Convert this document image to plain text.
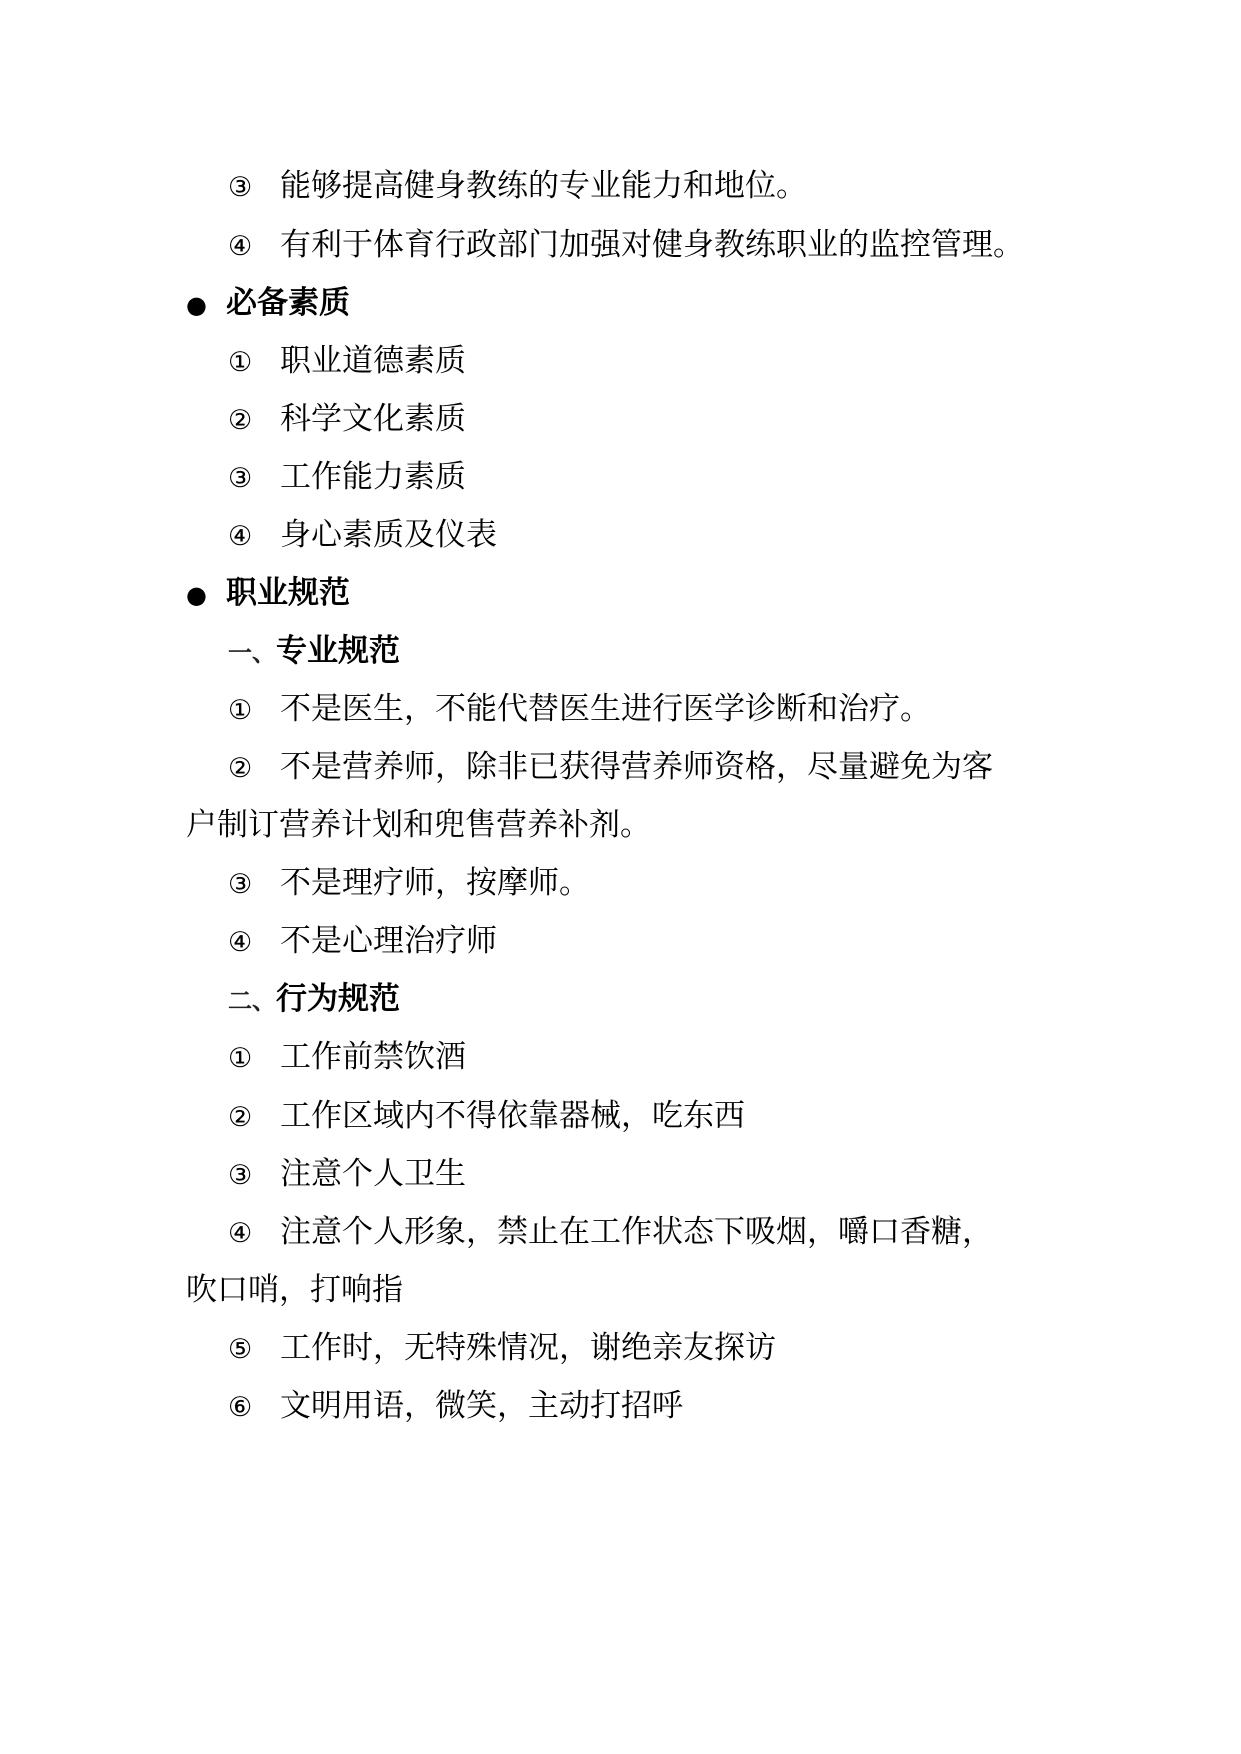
③ 能够提高健身教练的专业能力和地位。
④ 有利于体育行政部门加强对健身教练职业的监控管理。
● 必备素质
① 职业道德素质
② 科学文化素质
③ 工作能力素质
④ 身心素质及仪表
● 职业规范
一、专业规范
① 不是医生，不能代替医生进行医学诊断和治疗。
② 不是营养师，除非已获得营养师资格，尽量避免为客
户制订营养计划和兜售营养补剂。
③ 不是理疗师，按摩师。
④ 不是心理治疗师
二、行为规范
① 工作前禁饮酒
② 工作区域内不得依靠器械，吃东西
③ 注意个人卫生
④ 注意个人形象，禁止在工作状态下吸烟，嚼口香糖，
吹口哨，打响指
⑤ 工作时，无特殊情况，谢绝亲友探访
⑥ 文明用语，微笑，主动打招呼
